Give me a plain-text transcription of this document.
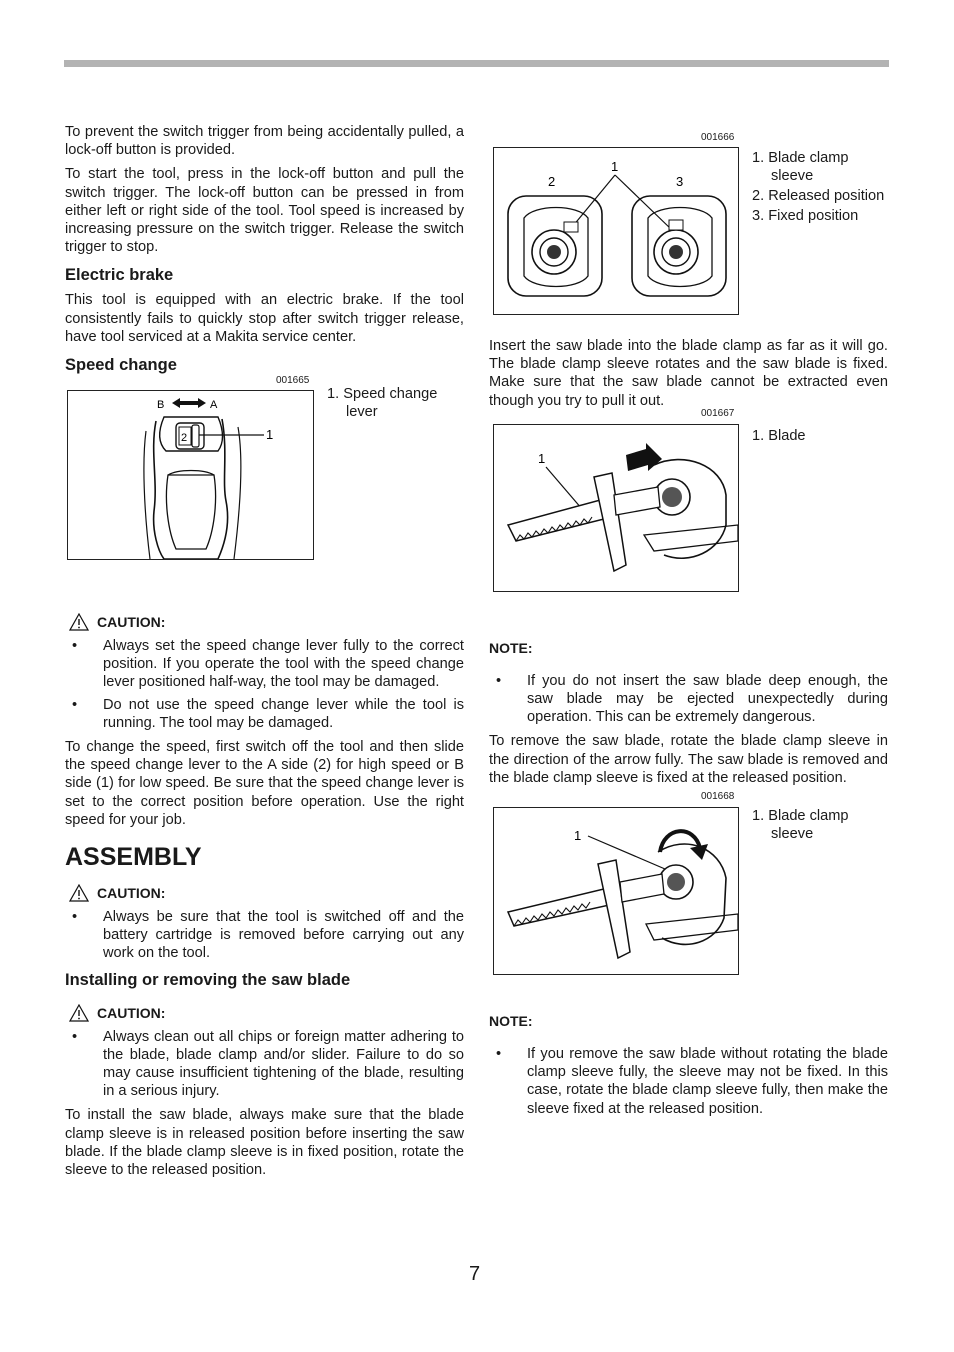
To prevent the switch trigger from being accidentally pulled, a lock-off button is provided.

To start the tool, press in the lock-off button and pull the switch trigger. The lock-off button can be pressed in from either left or right side of the tool. Tool speed is increased by increasing pressure on the switch trigger. Release the switch trigger to stop.

Electric brake

This tool is equipped with an electric brake. If the tool consistently fails to quickly stop after switch trigger release, have tool serviced at a Makita service center.

Speed change
001665
B	A
2	1
1. Speed change lever
CAUTION:
• Always set the speed change lever fully to the correct position. If you operate the tool with the speed change lever positioned half-way, the tool may be damaged.
• Do not use the speed change lever while the tool is running. The tool may be damaged.

To change the speed, first switch off the tool and then slide the speed change lever to the A side (2) for high speed or B side (1) for low speed. Be sure that the speed change lever is set to the correct position before operation. Use the right speed for your job.

ASSEMBLY
CAUTION:
• Always be sure that the tool is switched off and the battery cartridge is removed before carrying out any work on the tool.
Installing or removing the saw blade
CAUTION:
• Always clean out all chips or foreign matter adhering to the blade, blade clamp and/or slider. Failure to do so may cause insufficient tightening of the blade, resulting in a serious injury.

To install the saw blade, always make sure that the blade clamp sleeve is in released position before inserting the saw blade. If the blade clamp sleeve is in fixed position, rotate the sleeve to the released position.

001666
1
2	3
1. Blade clamp sleeve
2. Released position
3. Fixed position

Insert the saw blade into the blade clamp as far as it will go. The blade clamp sleeve rotates and the saw blade is fixed. Make sure that the saw blade cannot be extracted even though you try to pull it out.

001667
1
1. Blade
NOTE:
• If you do not insert the saw blade deep enough, the saw blade may be ejected unexpectedly during operation. This can be extremely dangerous.

To remove the saw blade, rotate the blade clamp sleeve in the direction of the arrow fully. The saw blade is removed and the blade clamp sleeve is fixed at the released position.

001668
1
1. Blade clamp sleeve
NOTE:
• If you remove the saw blade without rotating the blade clamp sleeve fully, the sleeve may not be fixed. In this case, rotate the blade clamp sleeve fully, then make the sleeve fixed at the released position.
7
